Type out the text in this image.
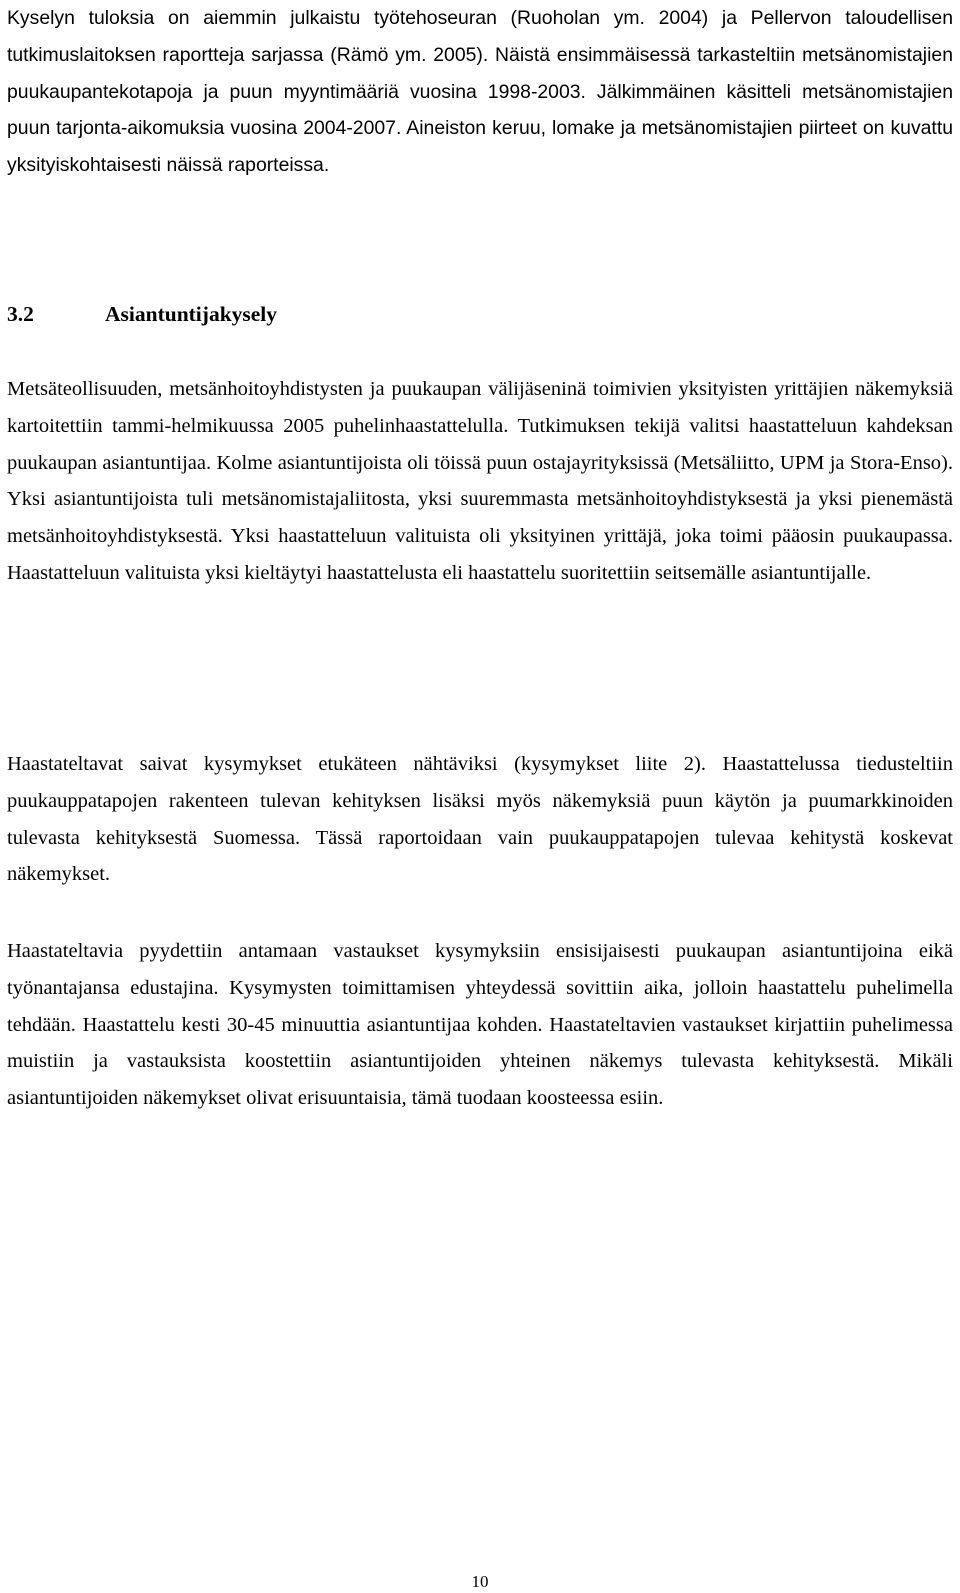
Kyselyn tuloksia on aiemmin julkaistu työtehoseuran (Ruoholan ym. 2004) ja Pellervon taloudellisen tutkimuslaitoksen raportteja sarjassa (Rämö ym. 2005). Näistä ensimmäisessä tarkasteltiin metsänomistajien puukaupantekotapoja ja puun myyntimääriä vuosina 1998-2003. Jälkimmäinen käsitteli metsänomistajien puun tarjonta-aikomuksia vuosina 2004-2007. Aineiston keruu, lomake ja metsänomistajien piirteet on kuvattu yksityiskohtaisesti näissä raporteissa.

3.2	Asiantuntijakysely

Metsäteollisuuden, metsänhoitoyhdistysten ja puukaupan välijäseninä toimivien yksityisten yrittäjien näkemyksiä kartoitettiin tammi-helmikuussa 2005 puhelinhaastattelulla. Tutkimuksen tekijä valitsi haastatteluun kahdeksan puukaupan asiantuntijaa. Kolme asiantuntijoista oli töissä puun ostajayrityksissä (Metsäliitto, UPM ja Stora-Enso). Yksi asiantuntijoista tuli metsänomistajaliitosta, yksi suuremmasta metsänhoitoyhdistyksestä ja yksi pienemästä metsänhoitoyhdistyksestä. Yksi haastatteluun valituista oli yksityinen yrittäjä, joka toimi pääosin puukaupassa. Haastatteluun valituista yksi kieltäytyi haastattelusta eli haastattelu suoritettiin seitsemälle asiantuntijalle.

Haastateltavat saivat kysymykset etukäteen nähtäviksi (kysymykset liite 2). Haastattelussa tiedusteltiin puukauppatapojen rakenteen tulevan kehityksen lisäksi myös näkemyksiä puun käytön ja puumarkkinoiden tulevasta kehityksestä Suomessa. Tässä raportoidaan vain puukauppatapojen tulevaa kehitystä koskevat näkemykset.

Haastateltavia pyydettiin antamaan vastaukset kysymyksiin ensisijaisesti puukaupan asiantuntijoina eikä työnantajansa edustajina. Kysymysten toimittamisen yhteydessä sovittiin aika, jolloin haastattelu puhelimella tehdään. Haastattelu kesti 30-45 minuuttia asiantuntijaa kohden. Haastateltavien vastaukset kirjattiin puhelimessa muistiin ja vastauksista koostettiin asiantuntijoiden yhteinen näkemys tulevasta kehityksestä. Mikäli asiantuntijoiden näkemykset olivat erisuuntaisia, tämä tuodaan koosteessa esiin.

10
